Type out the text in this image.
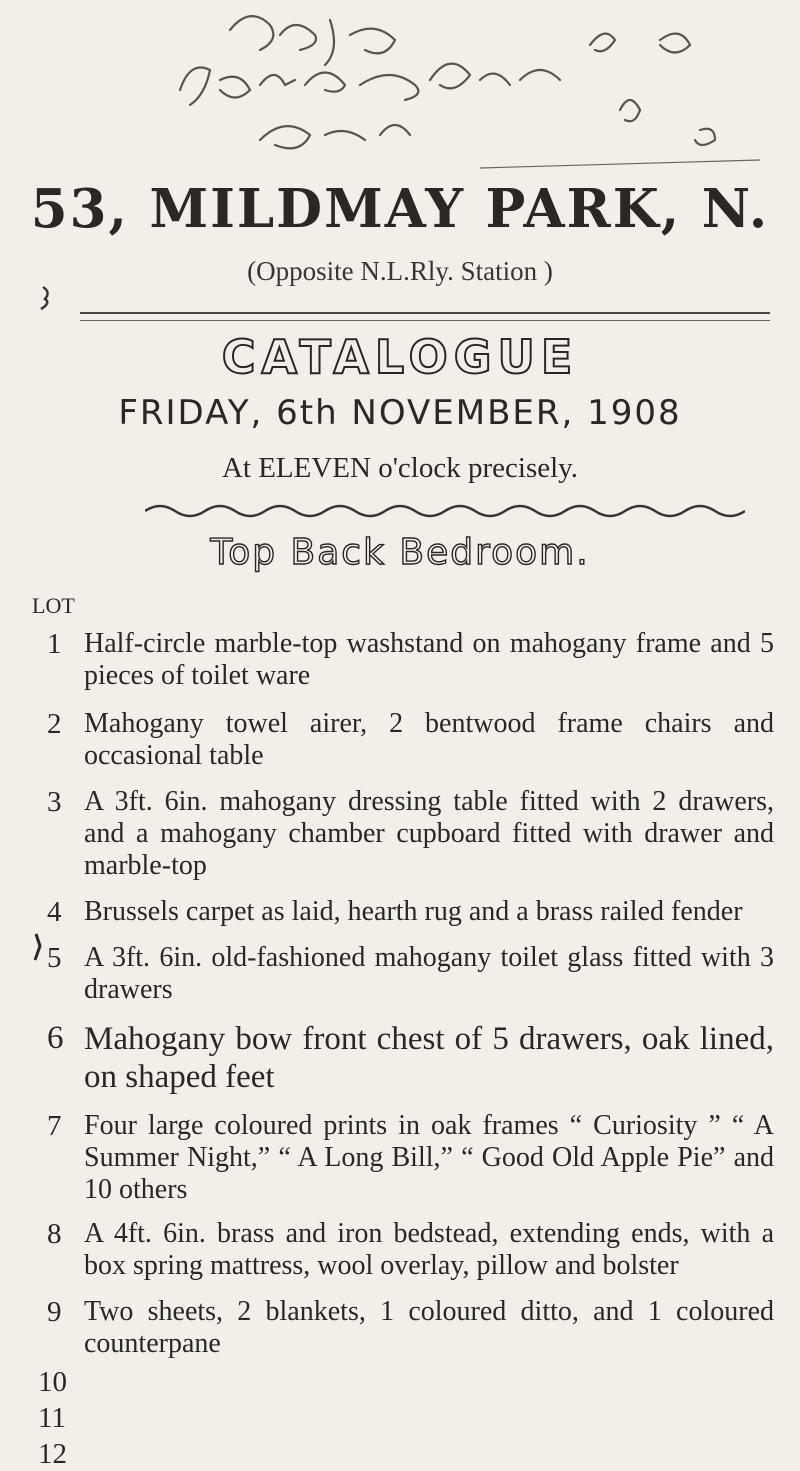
53, MILDMAY PARK, N.
(Opposite N.L.Rly. Station )
CATALOGUE
FRIDAY, 6th NOVEMBER, 1908
At ELEVEN o'clock precisely.
Top Back Bedroom.
LOT
1 Half-circle marble-top washstand on mahogany frame and 5 pieces of toilet ware
2 Mahogany towel airer, 2 bentwood frame chairs and occasional table
3 A 3ft. 6in. mahogany dressing table fitted with 2 drawers, and a mahogany chamber cupboard fitted with drawer and marble-top
4 Brussels carpet as laid, hearth rug and a brass railed fender
5 A 3ft. 6in. old-fashioned mahogany toilet glass fitted with 3 drawers
6 Mahogany bow front chest of 5 drawers, oak lined, on shaped feet
7 Four large coloured prints in oak frames “ Curiosity ” “ A Summer Night,” “ A Long Bill,” “ Good Old Apple Pie” and 10 others
8 A 4ft. 6in. brass and iron bedstead, extending ends, with a box spring mattress, wool overlay, pillow and bolster
9 Two sheets, 2 blankets, 1 coloured ditto, and 1 coloured counterpane
10
11
12
